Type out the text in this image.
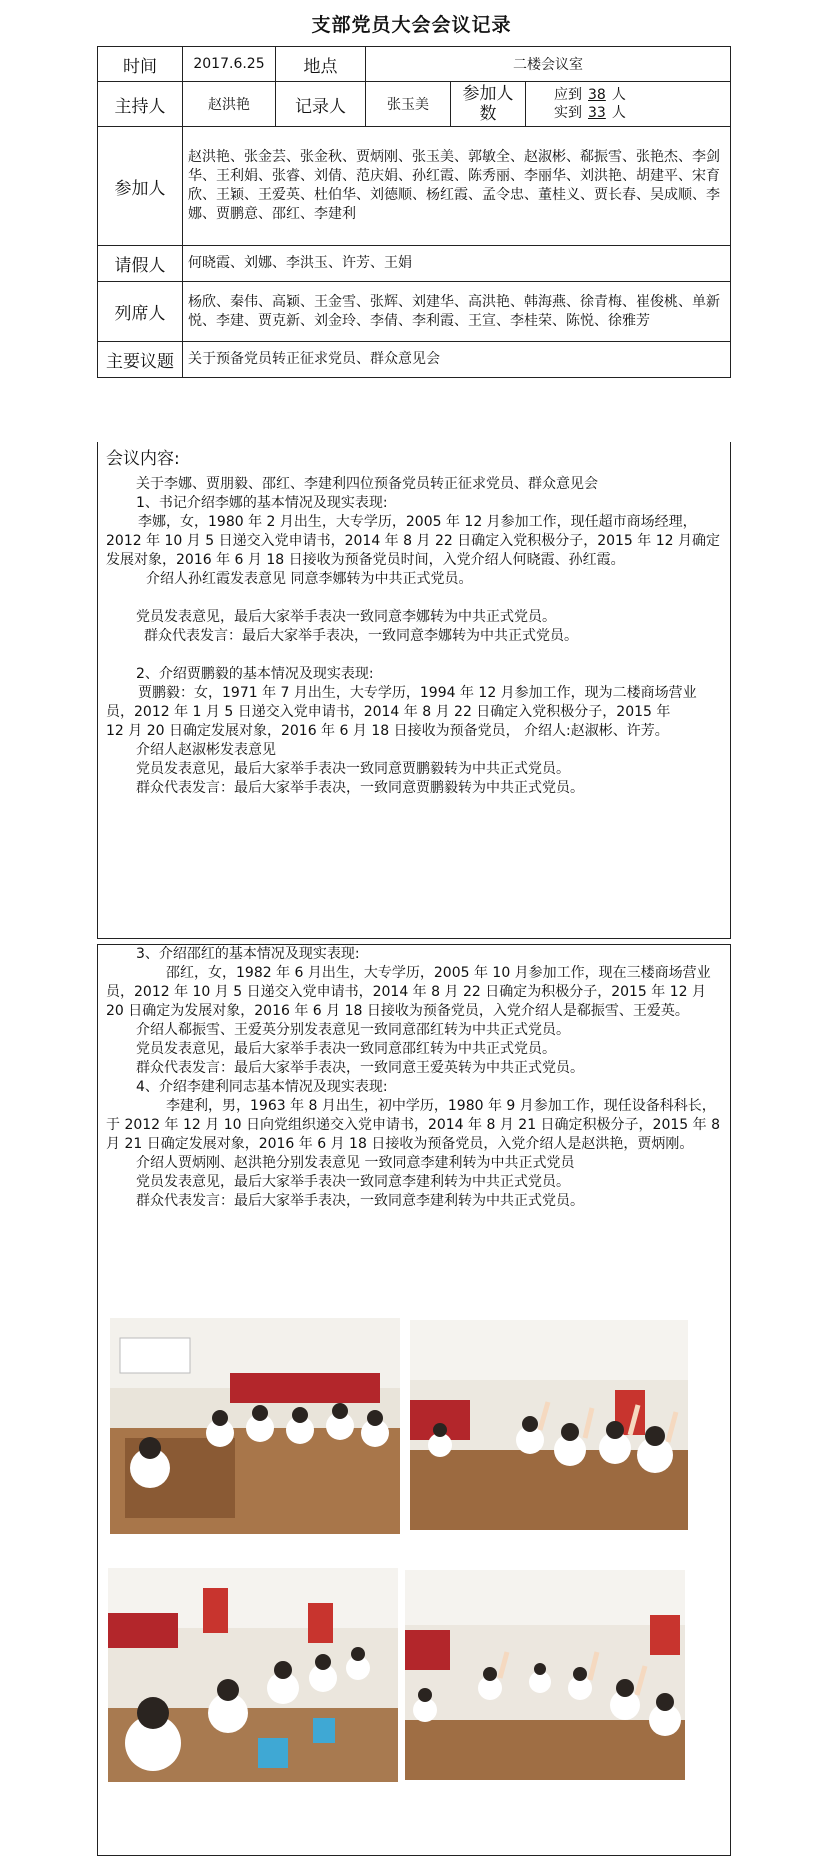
支部党员大会会议记录
时间	2017.6.25	地点	二楼会议室		
主持人	赵洪艳	记录人	张玉美	参加人数	应到 38 人
实到 33 人

参加人	赵洪艳、张金芸、张金秋、贾炳刚、张玉美、郭敏全、赵淑彬、郗振雪、张艳杰、李剑华、王利娟、张睿、刘倩、范庆娟、孙红霞、陈秀丽、李丽华、刘洪艳、胡建平、宋育欣、王颖、王爱英、杜伯华、刘德顺、杨红霞、孟令忠、董桂义、贾长春、吴成顺、李娜、贾鹏意、邵红、李建利				
请假人	何晓霞、刘娜、李洪玉、许芳、王娟				
列席人	杨欣、秦伟、高颖、王金雪、张辉、刘建华、高洪艳、韩海燕、徐青梅、崔俊桃、单新悦、李建、贾克新、刘金玲、李倩、李利霞、王宣、李桂荣、陈悦、徐雅芳				
主要议题	关于预备党员转正征求党员、群众意见会				

会议内容:

关于李娜、贾朋毅、邵红、李建利四位预备党员转正征求党员、群众意见会

1、书记介绍李娜的基本情况及现实表现:

李娜，女，1980 年 2 月出生，大专学历，2005 年 12 月参加工作，现任超市商场经理，2012 年 10 月 5 日递交入党申请书，2014 年 8 月 22 日确定入党积极分子，2015 年 12 月确定发展对象，2016 年 6 月 18 日接收为预备党员时间，入党介绍人何晓霞、孙红霞。

介绍人孙红霞发表意见 同意李娜转为中共正式党员。

党员发表意见，最后大家举手表决一致同意李娜转为中共正式党员。

群众代表发言：最后大家举手表决，一致同意李娜转为中共正式党员。

2、介绍贾鹏毅的基本情况及现实表现:

贾鹏毅：女，1971 年 7 月出生，大专学历，1994 年 12 月参加工作，现为二楼商场营业员，2012 年 1 月 5 日递交入党申请书，2014 年 8 月 22 日确定入党积极分子，2015 年

12 月 20 日确定发展对象，2016 年 6 月 18 日接收为预备党员， 介绍人:赵淑彬、许芳。

介绍人赵淑彬发表意见

党员发表意见，最后大家举手表决一致同意贾鹏毅转为中共正式党员。

群众代表发言：最后大家举手表决，一致同意贾鹏毅转为中共正式党员。

3、介绍邵红的基本情况及现实表现:

邵红，女，1982 年 6 月出生，大专学历，2005 年 10 月参加工作，现在三楼商场营业员，2012 年 10 月 5 日递交入党申请书，2014 年 8 月 22 日确定为积极分子，2015 年 12 月 20 日确定为发展对象，2016 年 6 月 18 日接收为预备党员，入党介绍人是郗振雪、王爱英。

介绍人郗振雪、王爱英分别发表意见一致同意邵红转为中共正式党员。

党员发表意见，最后大家举手表决一致同意邵红转为中共正式党员。

群众代表发言：最后大家举手表决，一致同意王爱英转为中共正式党员。

4、介绍李建利同志基本情况及现实表现:

李建利，男，1963 年 8 月出生，初中学历，1980 年 9 月参加工作，现任设备科科长，于 2012 年 12 月 10 日向党组织递交入党申请书，2014 年 8 月 21 日确定积极分子，2015 年 8 月 21 日确定发展对象，2016 年 6 月 18 日接收为预备党员，入党介绍人是赵洪艳，贾炳刚。

介绍人贾炳刚、赵洪艳分别发表意见 一致同意李建利转为中共正式党员

党员发表意见，最后大家举手表决一致同意李建利转为中共正式党员。

群众代表发言：最后大家举手表决，一致同意李建利转为中共正式党员。
